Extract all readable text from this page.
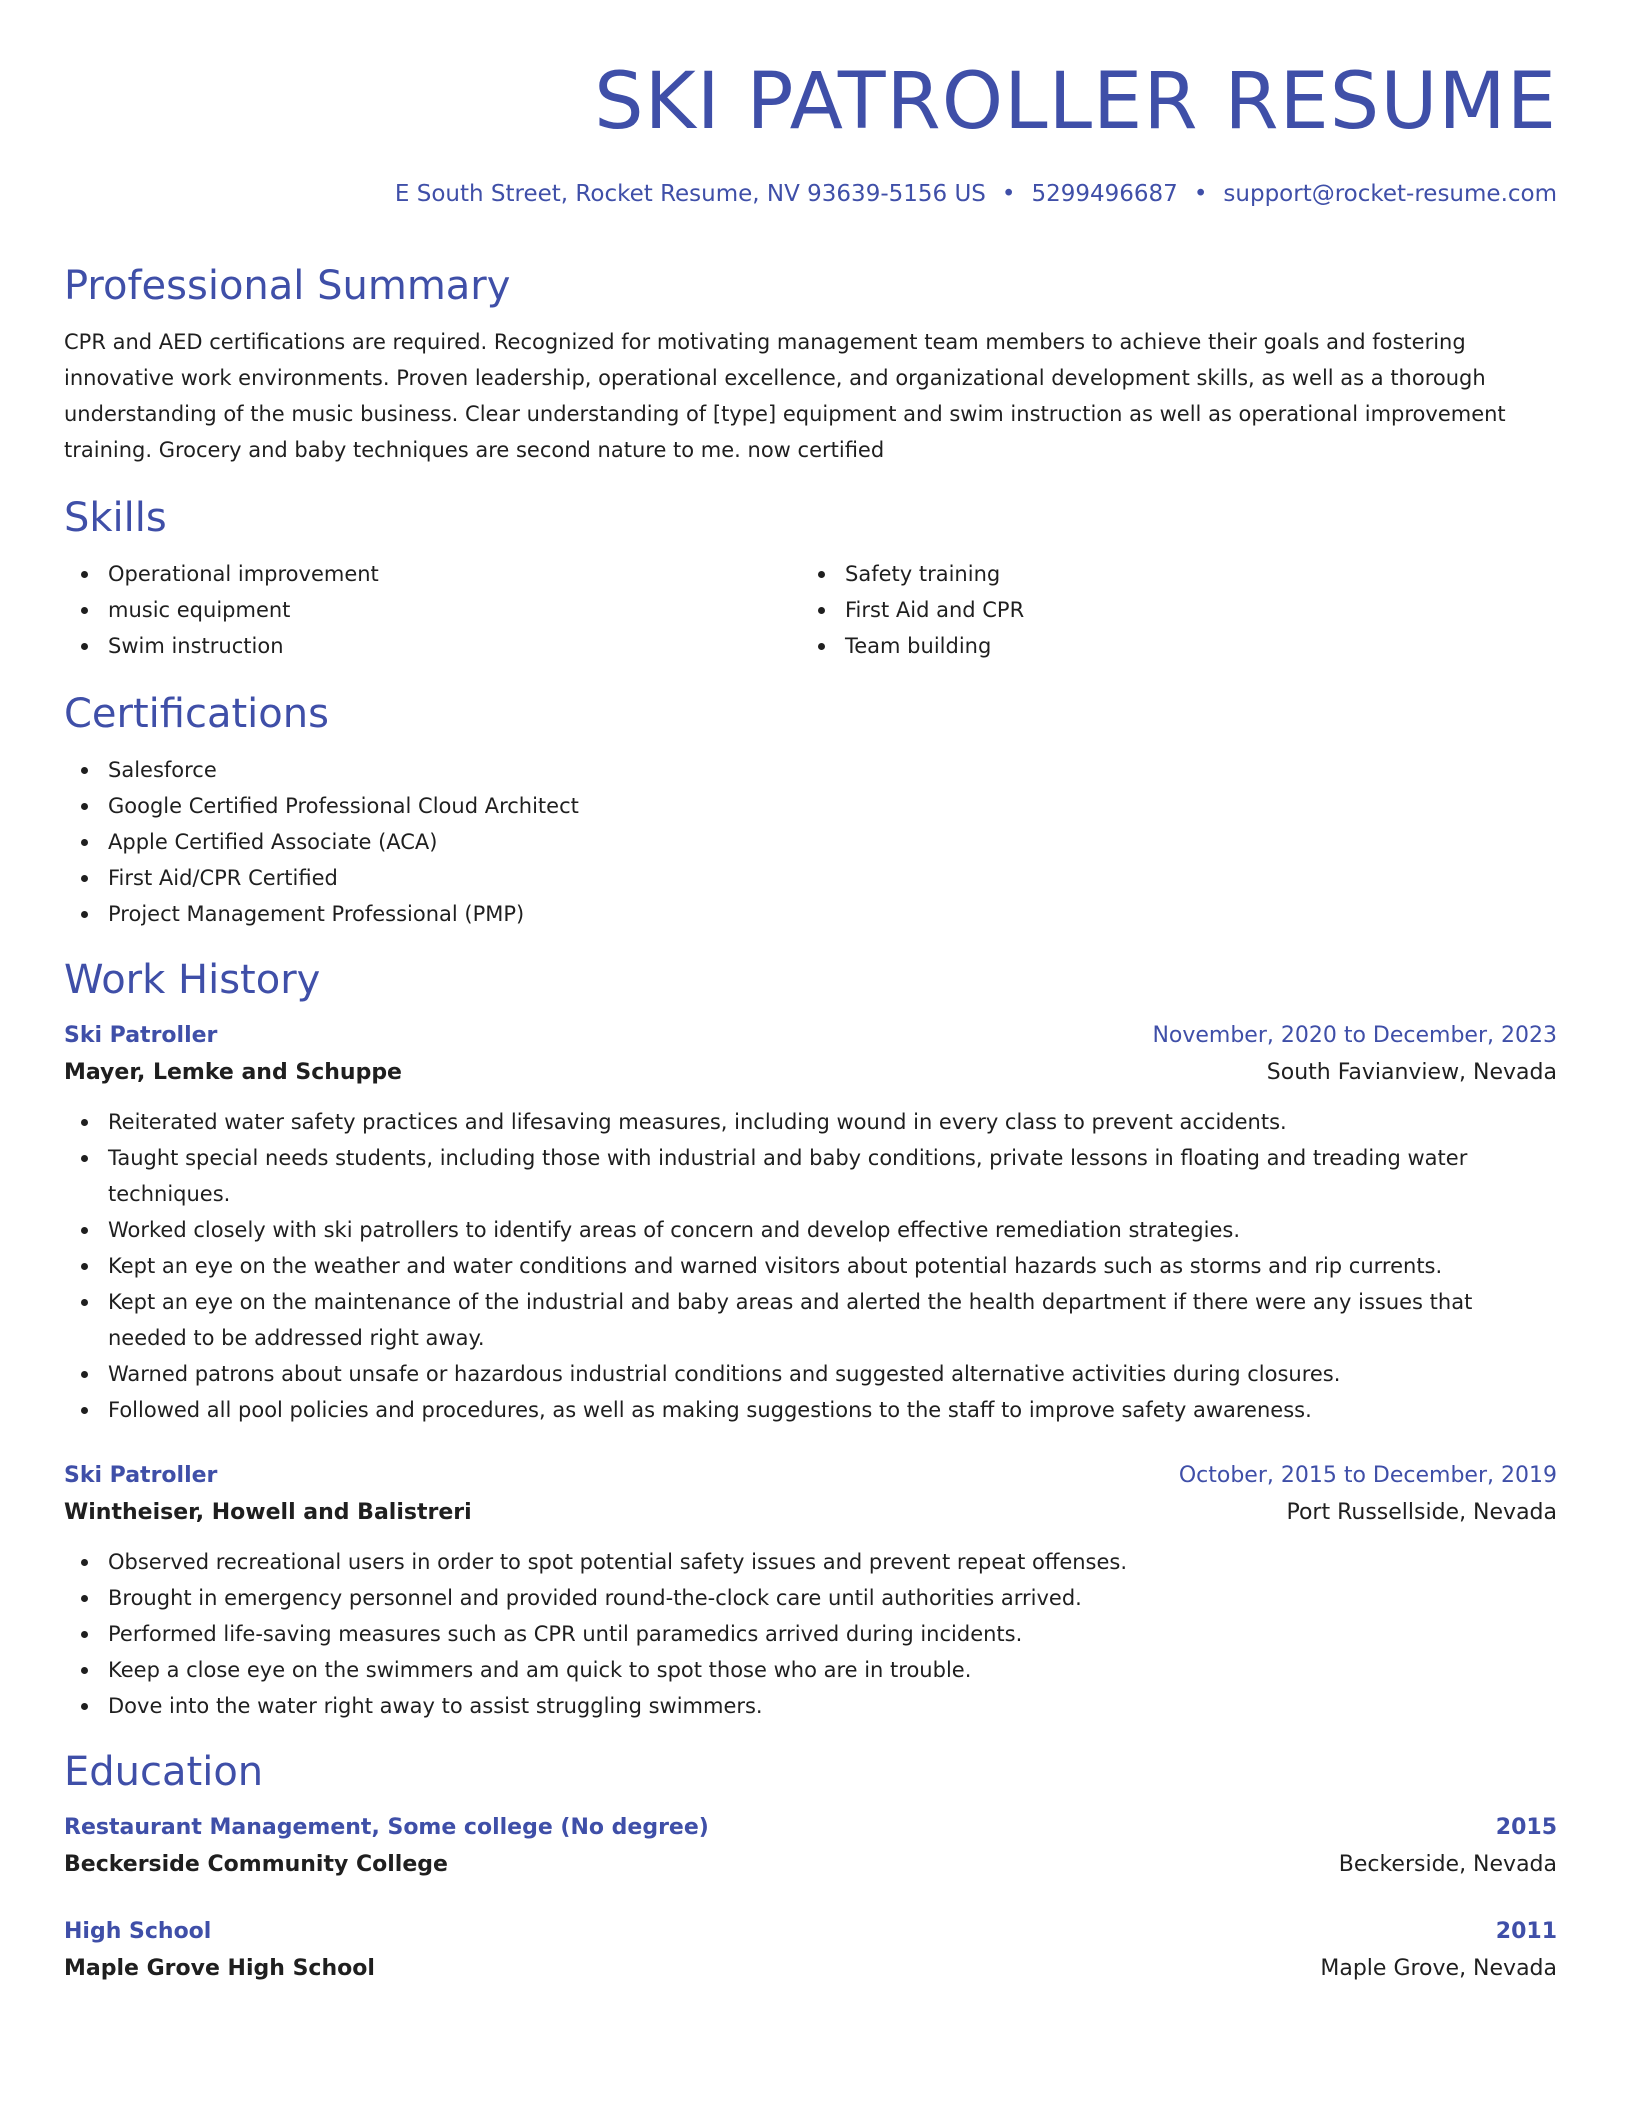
SKI PATROLLER RESUME
E South Street, Rocket Resume, NV 93639-5156 US • 5299496687 • support@rocket-resume.com
Professional Summary

CPR and AED certifications are required. Recognized for motivating management team members to achieve their goals and fostering innovative work environments. Proven leadership, operational excellence, and organizational development skills, as well as a thorough understanding of the music business. Clear understanding of [type] equipment and swim instruction as well as operational improvement training. Grocery and baby techniques are second nature to me. now certified

Skills
Operational improvement
music equipment
Swim instruction
Safety training
First Aid and CPR
Team building
Certifications
Salesforce
Google Certified Professional Cloud Architect
Apple Certified Associate (ACA)
First Aid/CPR Certified
Project Management Professional (PMP)
Work History
Ski Patroller	November, 2020 to December, 2023
Mayer, Lemke and Schuppe	South Favianview, Nevada
Reiterated water safety practices and lifesaving measures, including wound in every class to prevent accidents.
Taught special needs students, including those with industrial and baby conditions, private lessons in floating and treading water techniques.
Worked closely with ski patrollers to identify areas of concern and develop effective remediation strategies.
Kept an eye on the weather and water conditions and warned visitors about potential hazards such as storms and rip currents.
Kept an eye on the maintenance of the industrial and baby areas and alerted the health department if there were any issues that needed to be addressed right away.
Warned patrons about unsafe or hazardous industrial conditions and suggested alternative activities during closures.
Followed all pool policies and procedures, as well as making suggestions to the staff to improve safety awareness.
Ski Patroller	October, 2015 to December, 2019
Wintheiser, Howell and Balistreri	Port Russellside, Nevada
Observed recreational users in order to spot potential safety issues and prevent repeat offenses.
Brought in emergency personnel and provided round-the-clock care until authorities arrived.
Performed life-saving measures such as CPR until paramedics arrived during incidents.
Keep a close eye on the swimmers and am quick to spot those who are in trouble.
Dove into the water right away to assist struggling swimmers.
Education
Restaurant Management, Some college (No degree)	2015
Beckerside Community College	Beckerside, Nevada
High School	2011
Maple Grove High School	Maple Grove, Nevada
